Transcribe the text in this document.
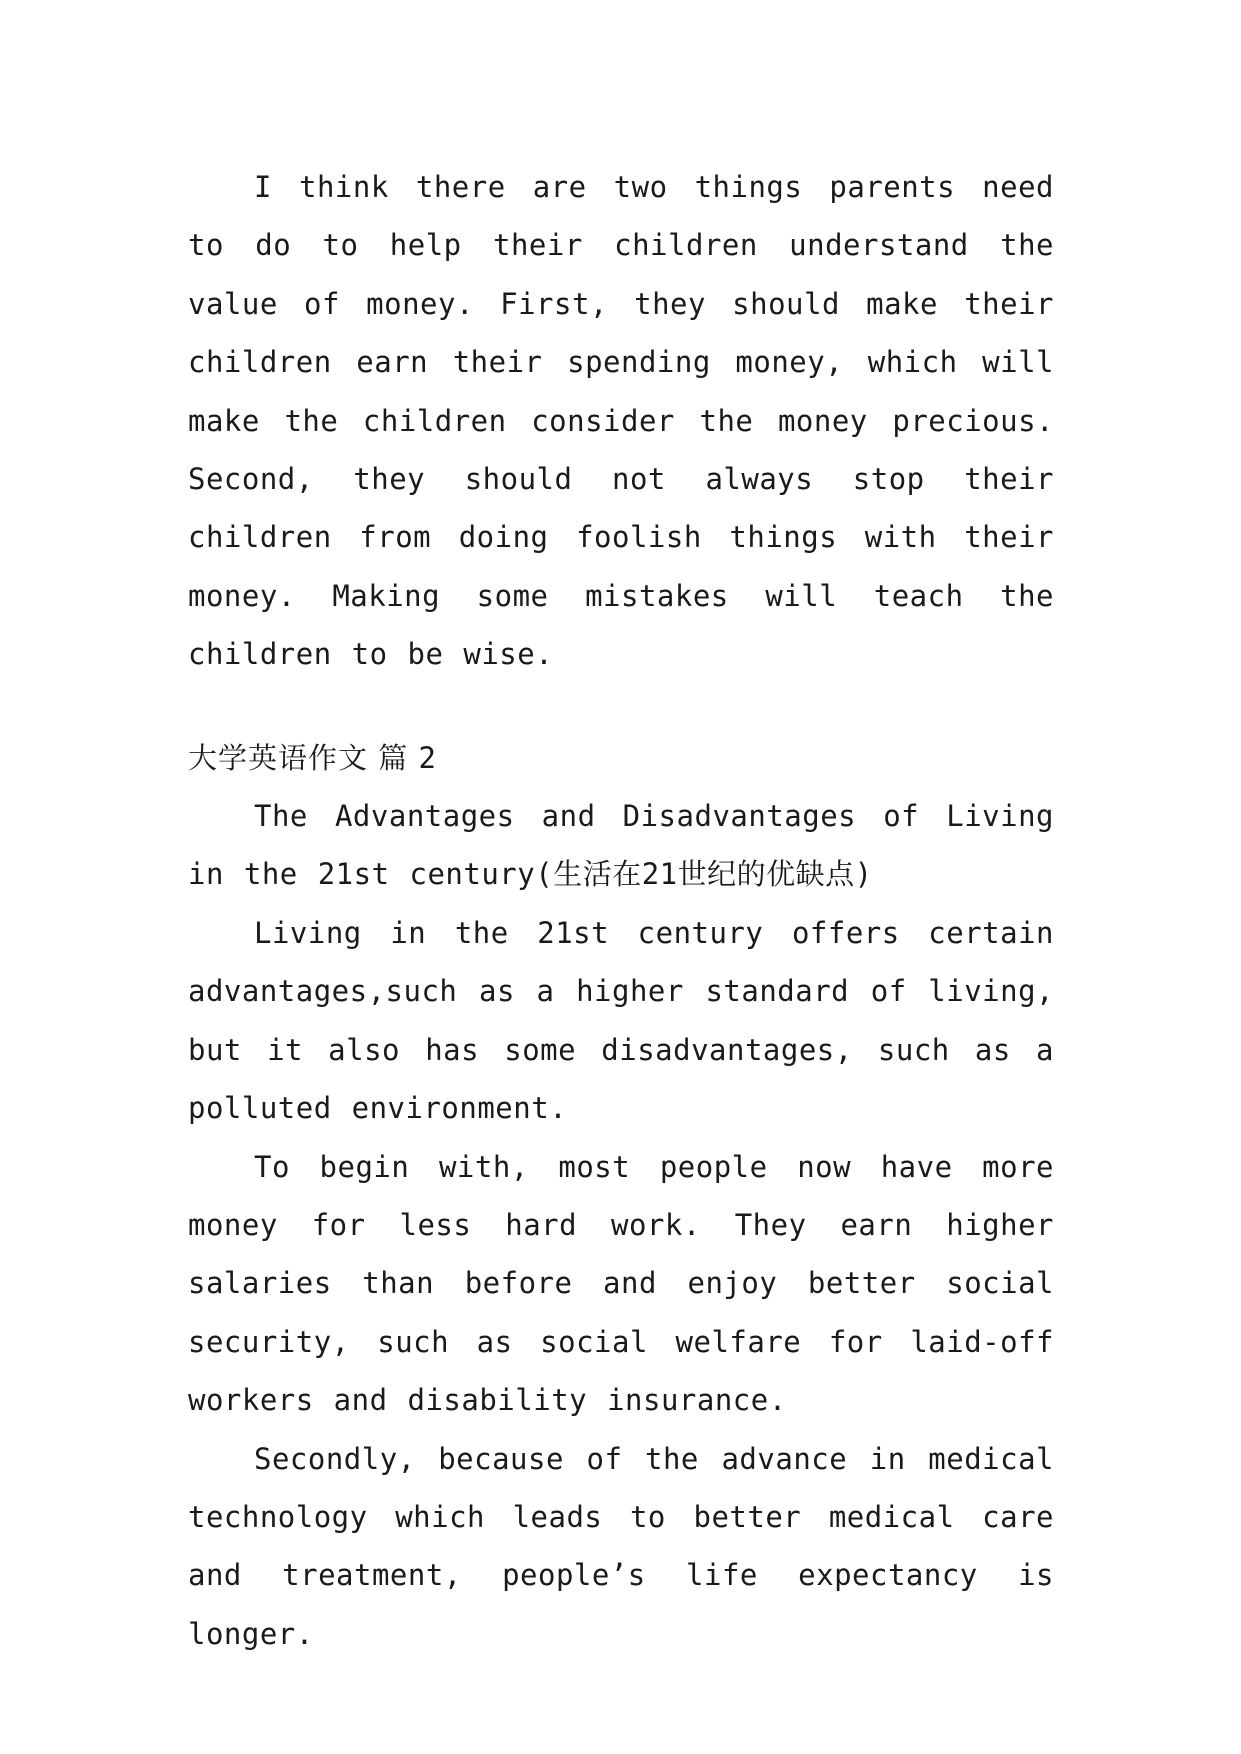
I think there are two things parents need to do to help their children understand the value of money. First, they should make their children earn their spending money, which will make the children consider the money precious. Second, they should not always stop their children from doing foolish things with their money. Making some mistakes will teach the children to be wise.

大学英语作文 篇 2

The Advantages and Disadvantages of Living in the 21st century(生活在21世纪的优缺点)

Living in the 21st century offers certain advantages,such as a higher standard of living, but it also has some disadvantages, such as a polluted environment.

To begin with, most people now have more money for less hard work. They earn higher salaries than before and enjoy better social security, such as social welfare for laid-off workers and disability insurance.

Secondly, because of the advance in medical technology which leads to better medical care and treatment, people’s life expectancy is longer.
